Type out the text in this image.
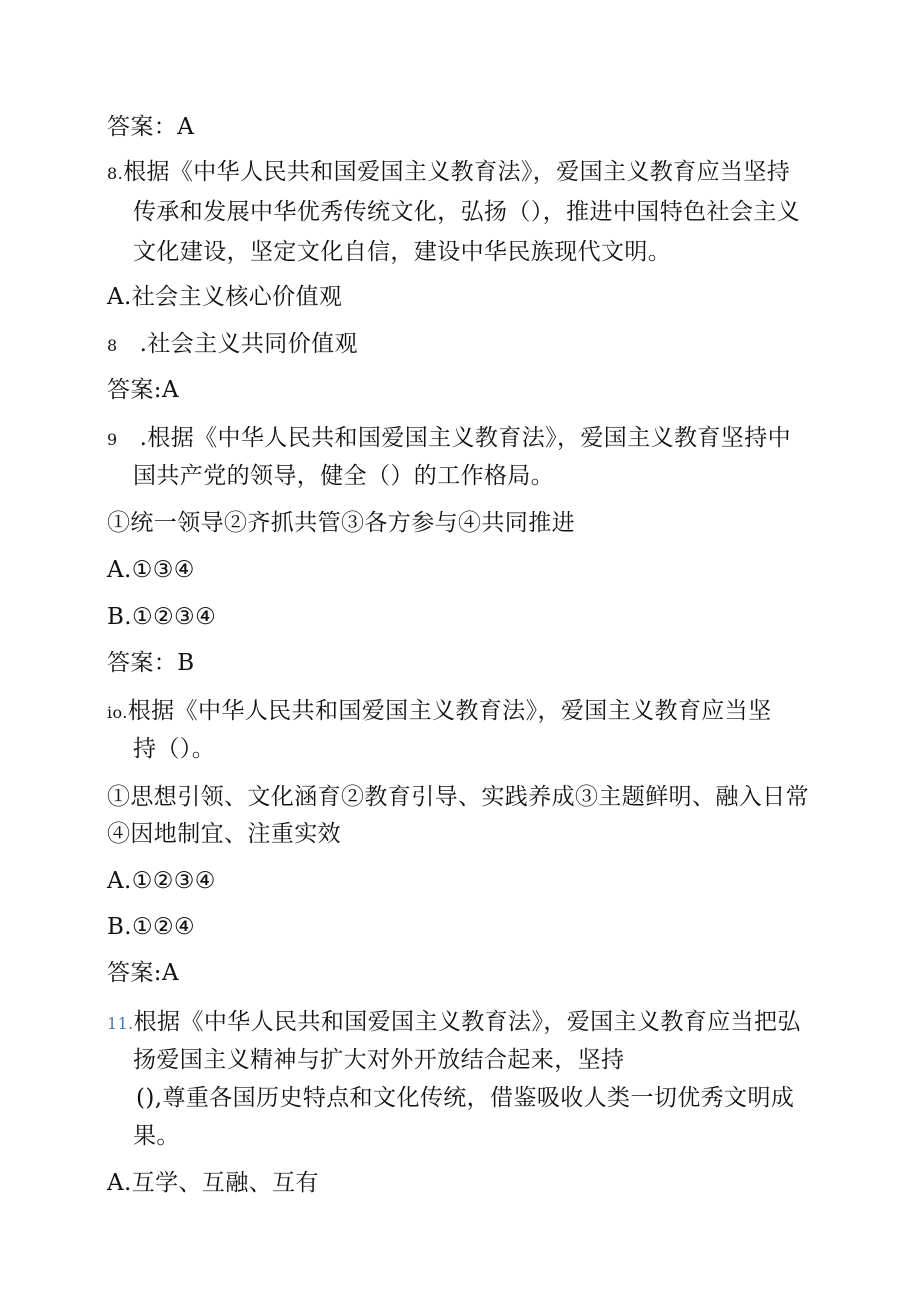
答案：A
8.根据《中华人民共和国爱国主义教育法》，爱国主义教育应当坚持
传承和发展中华优秀传统文化，弘扬（），推进中国特色社会主义
文化建设，坚定文化自信，建设中华民族现代文明。
A.社会主义核心价值观
8 .社会主义共同价值观
答案:A
9 .根据《中华人民共和国爱国主义教育法》，爱国主义教育坚持中
国共产党的领导，健全（）的工作格局。
①统一领导②齐抓共管③各方参与④共同推进
A.①③④
B.①②③④
答案：B
io.根据《中华人民共和国爱国主义教育法》，爱国主义教育应当坚
持（）。
①思想引领、文化涵育②教育引导、实践养成③主题鲜明、融入日常
④因地制宜、注重实效
A.①②③④
B.①②④
答案:A
11.根据《中华人民共和国爱国主义教育法》，爱国主义教育应当把弘
扬爱国主义精神与扩大对外开放结合起来，坚持
(),尊重各国历史特点和文化传统，借鉴吸收人类一切优秀文明成
果。
A.互学、互融、互有
